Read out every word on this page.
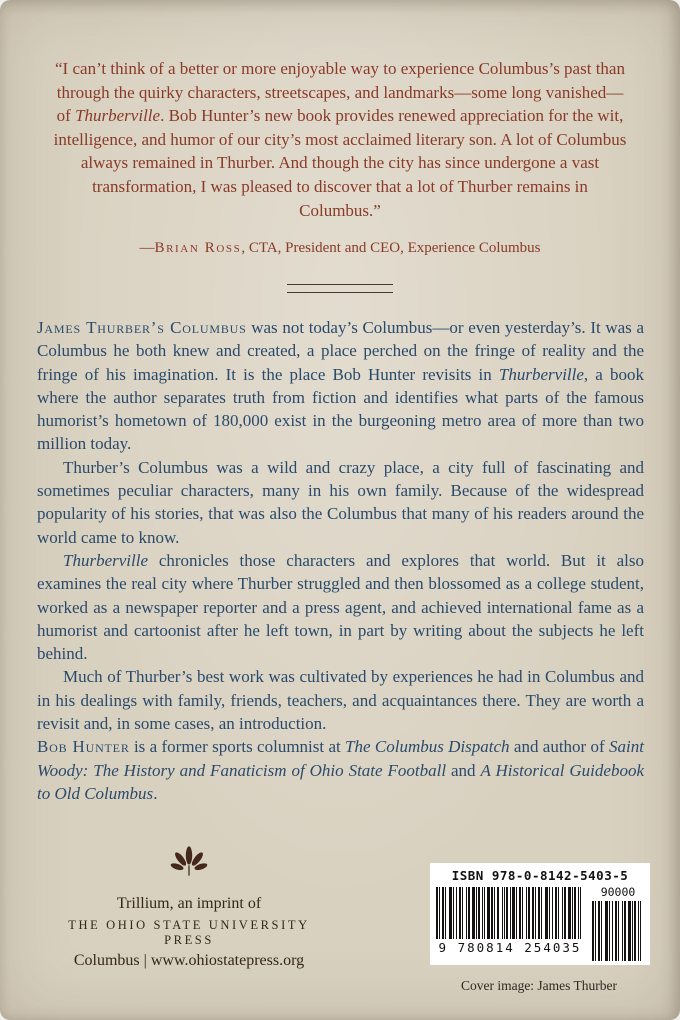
“I can’t think of a better or more enjoyable way to experience Columbus’s past than through the quirky characters, streetscapes, and landmarks—some long vanished—of Thurberville. Bob Hunter’s new book provides renewed appreciation for the wit, intelligence, and humor of our city’s most acclaimed literary son. A lot of Columbus always remained in Thurber. And though the city has since undergone a vast transformation, I was pleased to discover that a lot of Thurber remains in Columbus.”

—Brian Ross, CTA, President and CEO, Experience Columbus

James Thurber’s Columbus was not today’s Columbus—or even yesterday’s. It was a Columbus he both knew and created, a place perched on the fringe of reality and the fringe of his imagination. It is the place Bob Hunter revisits in Thurberville, a book where the author separates truth from fiction and identifies what parts of the famous humorist’s hometown of 180,000 exist in the burgeoning metro area of more than two million today.

Thurber’s Columbus was a wild and crazy place, a city full of fascinating and sometimes peculiar characters, many in his own family. Because of the widespread popularity of his stories, that was also the Columbus that many of his readers around the world came to know.

Thurberville chronicles those characters and explores that world. But it also examines the real city where Thurber struggled and then blossomed as a college student, worked as a newspaper reporter and a press agent, and achieved international fame as a humorist and cartoonist after he left town, in part by writing about the subjects he left behind.

Much of Thurber’s best work was cultivated by experiences he had in Columbus and in his dealings with family, friends, teachers, and acquaintances there. They are worth a revisit and, in some cases, an introduction.

Bob Hunter is a former sports columnist at The Columbus Dispatch and author of Saint Woody: The History and Fanaticism of Ohio State Football and A Historical Guidebook to Old Columbus.

Trillium, an imprint of
THE OHIO STATE UNIVERSITY PRESS
Columbus | www.ohiostatepress.org
ISBN 978-0-8142-5403-5
9 780814 254035
90000
Cover image: James Thurber
